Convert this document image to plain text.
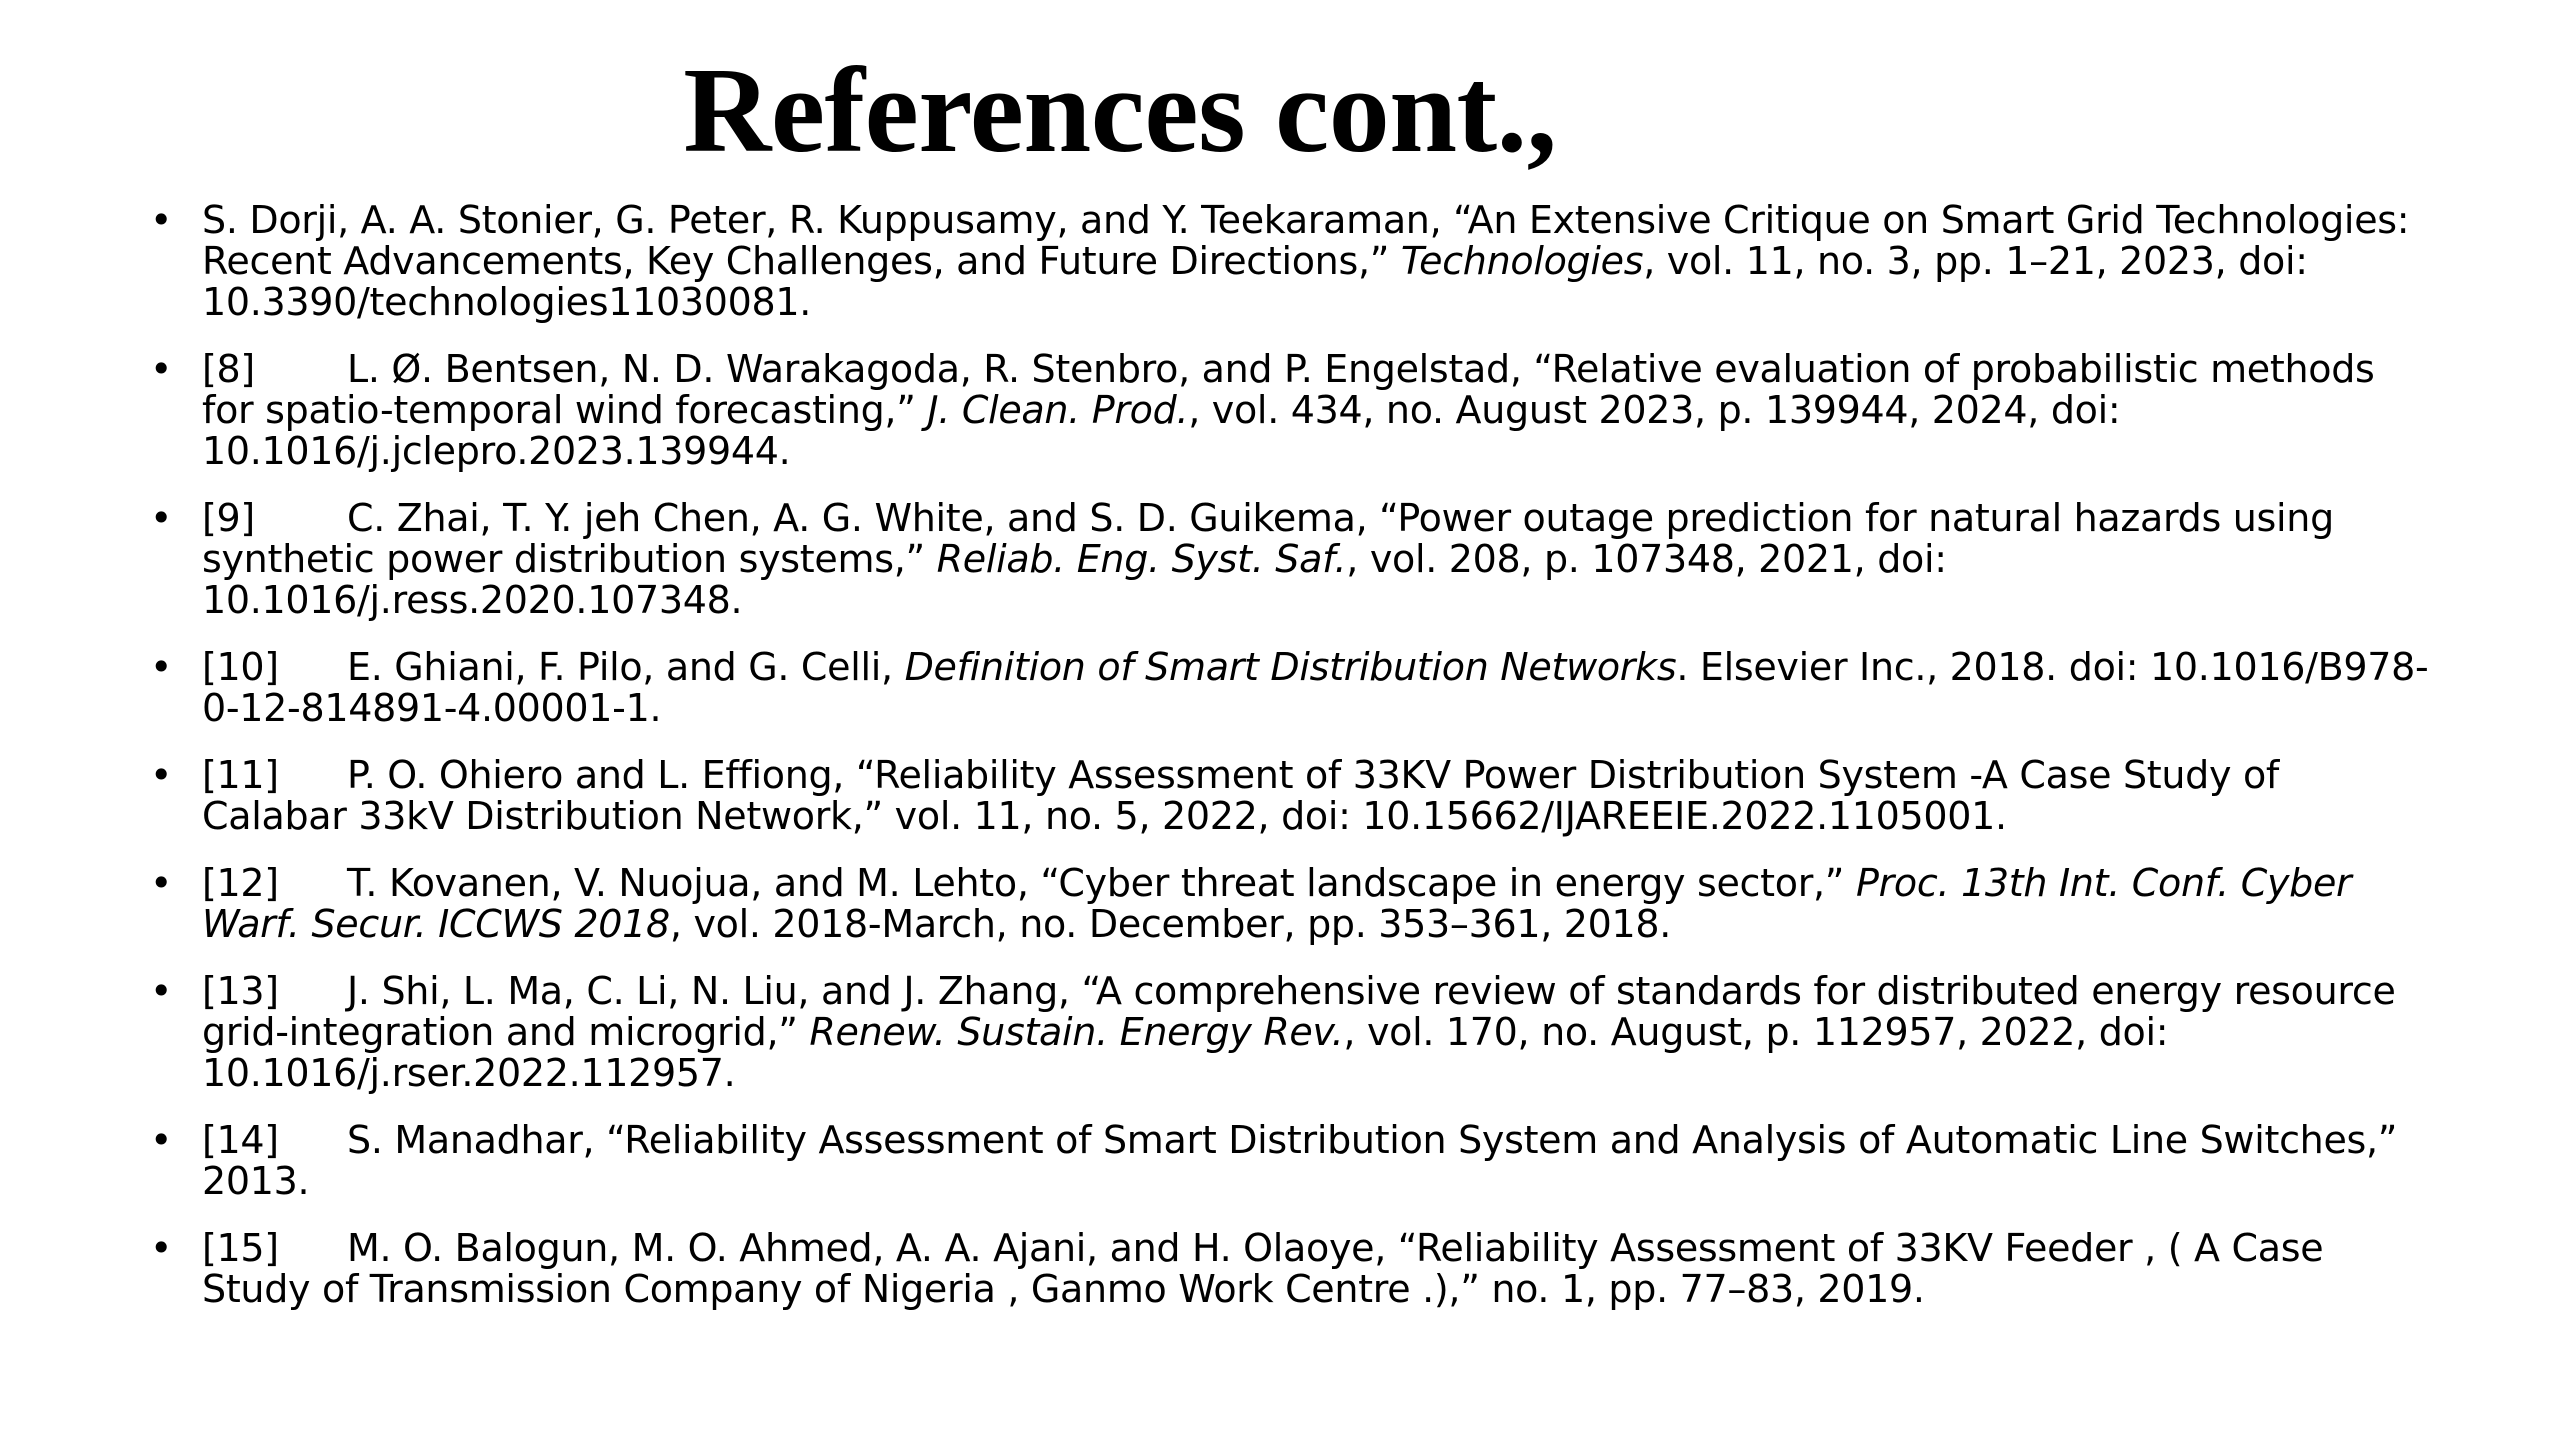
References cont.,
• S. Dorji, A. A. Stonier, G. Peter, R. Kuppusamy, and Y. Teekaraman, “An Extensive Critique on Smart Grid Technologies: Recent Advancements, Key Challenges, and Future Directions,” Technologies, vol. 11, no. 3, pp. 1–21, 2023, doi: 10.3390/technologies11030081.
• [8] L. Ø. Bentsen, N. D. Warakagoda, R. Stenbro, and P. Engelstad, “Relative evaluation of probabilistic methods for spatio-temporal wind forecasting,” J. Clean. Prod., vol. 434, no. August 2023, p. 139944, 2024, doi: 10.1016/j.jclepro.2023.139944.
• [9] C. Zhai, T. Y. jeh Chen, A. G. White, and S. D. Guikema, “Power outage prediction for natural hazards using synthetic power distribution systems,” Reliab. Eng. Syst. Saf., vol. 208, p. 107348, 2021, doi: 10.1016/j.ress.2020.107348.
• [10] E. Ghiani, F. Pilo, and G. Celli, Definition of Smart Distribution Networks. Elsevier Inc., 2018. doi: 10.1016/B978-0-12-814891-4.00001-1.
• [11] P. O. Ohiero and L. Effiong, “Reliability Assessment of 33KV Power Distribution System -A Case Study of Calabar 33kV Distribution Network,” vol. 11, no. 5, 2022, doi: 10.15662/IJAREEIE.2022.1105001.
• [12] T. Kovanen, V. Nuojua, and M. Lehto, “Cyber threat landscape in energy sector,” Proc. 13th Int. Conf. Cyber Warf. Secur. ICCWS 2018, vol. 2018-March, no. December, pp. 353–361, 2018.
• [13] J. Shi, L. Ma, C. Li, N. Liu, and J. Zhang, “A comprehensive review of standards for distributed energy resource grid-integration and microgrid,” Renew. Sustain. Energy Rev., vol. 170, no. August, p. 112957, 2022, doi: 10.1016/j.rser.2022.112957.
• [14] S. Manadhar, “Reliability Assessment of Smart Distribution System and Analysis of Automatic Line Switches,” 2013.
• [15] M. O. Balogun, M. O. Ahmed, A. A. Ajani, and H. Olaoye, “Reliability Assessment of 33KV Feeder , ( A Case Study of Transmission Company of Nigeria , Ganmo Work Centre .),” no. 1, pp. 77–83, 2019.
